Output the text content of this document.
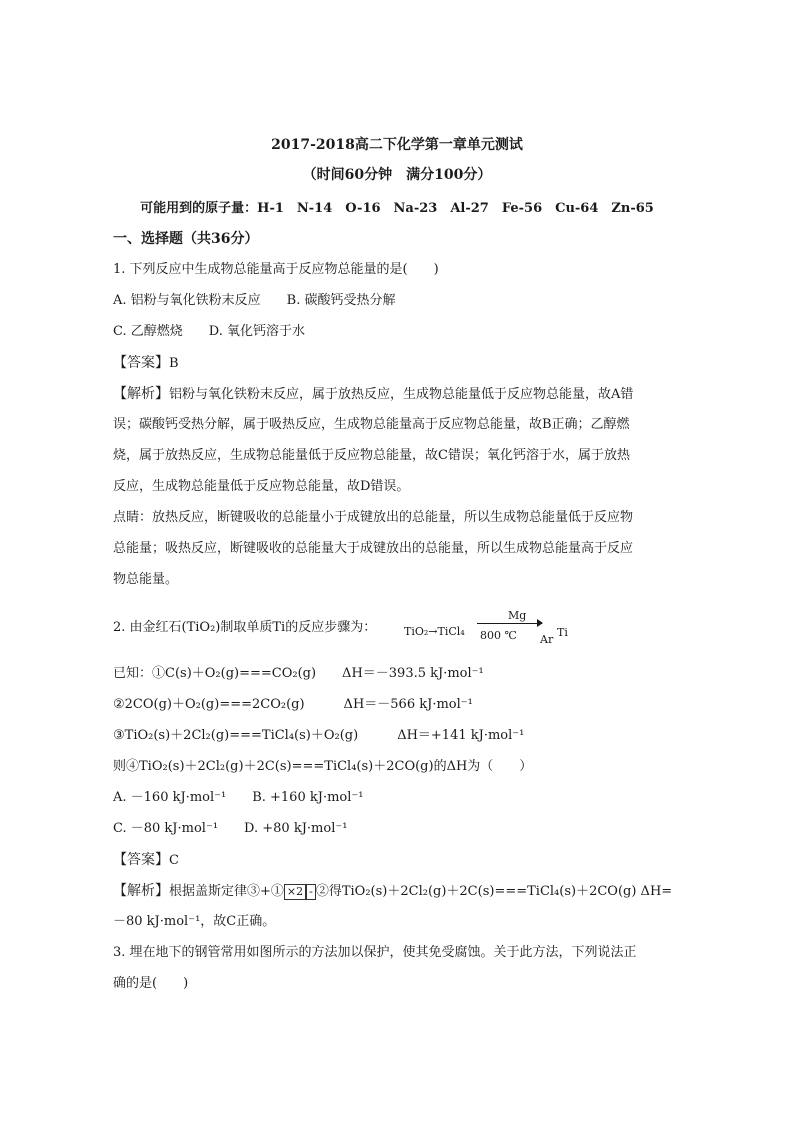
2017-2018高二下化学第一章单元测试
（时间60分钟　满分100分）
可能用到的原子量：H-1　N-14　O-16　Na-23　Al-27　Fe-56　Cu-64　Zn-65
一、选择题（共36分）
1. 下列反应中生成物总能量高于反应物总能量的是(　　)
A. 铝粉与氧化铁粉末反应　　B. 碳酸钙受热分解
C. 乙醇燃烧　　D. 氧化钙溶于水
【答案】B
【解析】铝粉与氧化铁粉末反应，属于放热反应，生成物总能量低于反应物总能量，故A错
误；碳酸钙受热分解，属于吸热反应，生成物总能量高于反应物总能量，故B正确；乙醇燃
烧，属于放热反应，生成物总能量低于反应物总能量，故C错误；氧化钙溶于水，属于放热
反应，生成物总能量低于反应物总能量，故D错误。
点睛：放热反应，断键吸收的总能量小于成键放出的总能量，所以生成物总能量低于反应物
总能量；吸热反应，断键吸收的总能量大于成键放出的总能量，所以生成物总能量高于反应
物总能量。
2. 由金红石(TiO₂)制取单质Ti的反应步骤为：
Mg
TiO₂→TiCl₄ 800 ℃ Ar
Ti
已知：①C(s)＋O₂(g)===CO₂(g)　　ΔH＝－393.5 kJ·mol⁻¹
②2CO(g)＋O₂(g)===2CO₂(g)　　　ΔH＝－566 kJ·mol⁻¹
③TiO₂(s)＋2Cl₂(g)===TiCl₄(s)＋O₂(g)　　　ΔH＝+141 kJ·mol⁻¹
则④TiO₂(s)＋2Cl₂(g)＋2C(s)===TiCl₄(s)＋2CO(g)的ΔH为（　　）
A. －160 kJ·mol⁻¹　　B. +160 kJ·mol⁻¹
C. －80 kJ·mol⁻¹　　D. +80 kJ·mol⁻¹
【答案】C
【解析】根据盖斯定律③+① ×2 - ②得TiO₂(s)＋2Cl₂(g)＋2C(s)===TiCl₄(s)＋2CO(g) ΔH=
－80 kJ·mol⁻¹，故C正确。
3. 埋在地下的钢管常用如图所示的方法加以保护，使其免受腐蚀。关于此方法，下列说法正
确的是(　　)
